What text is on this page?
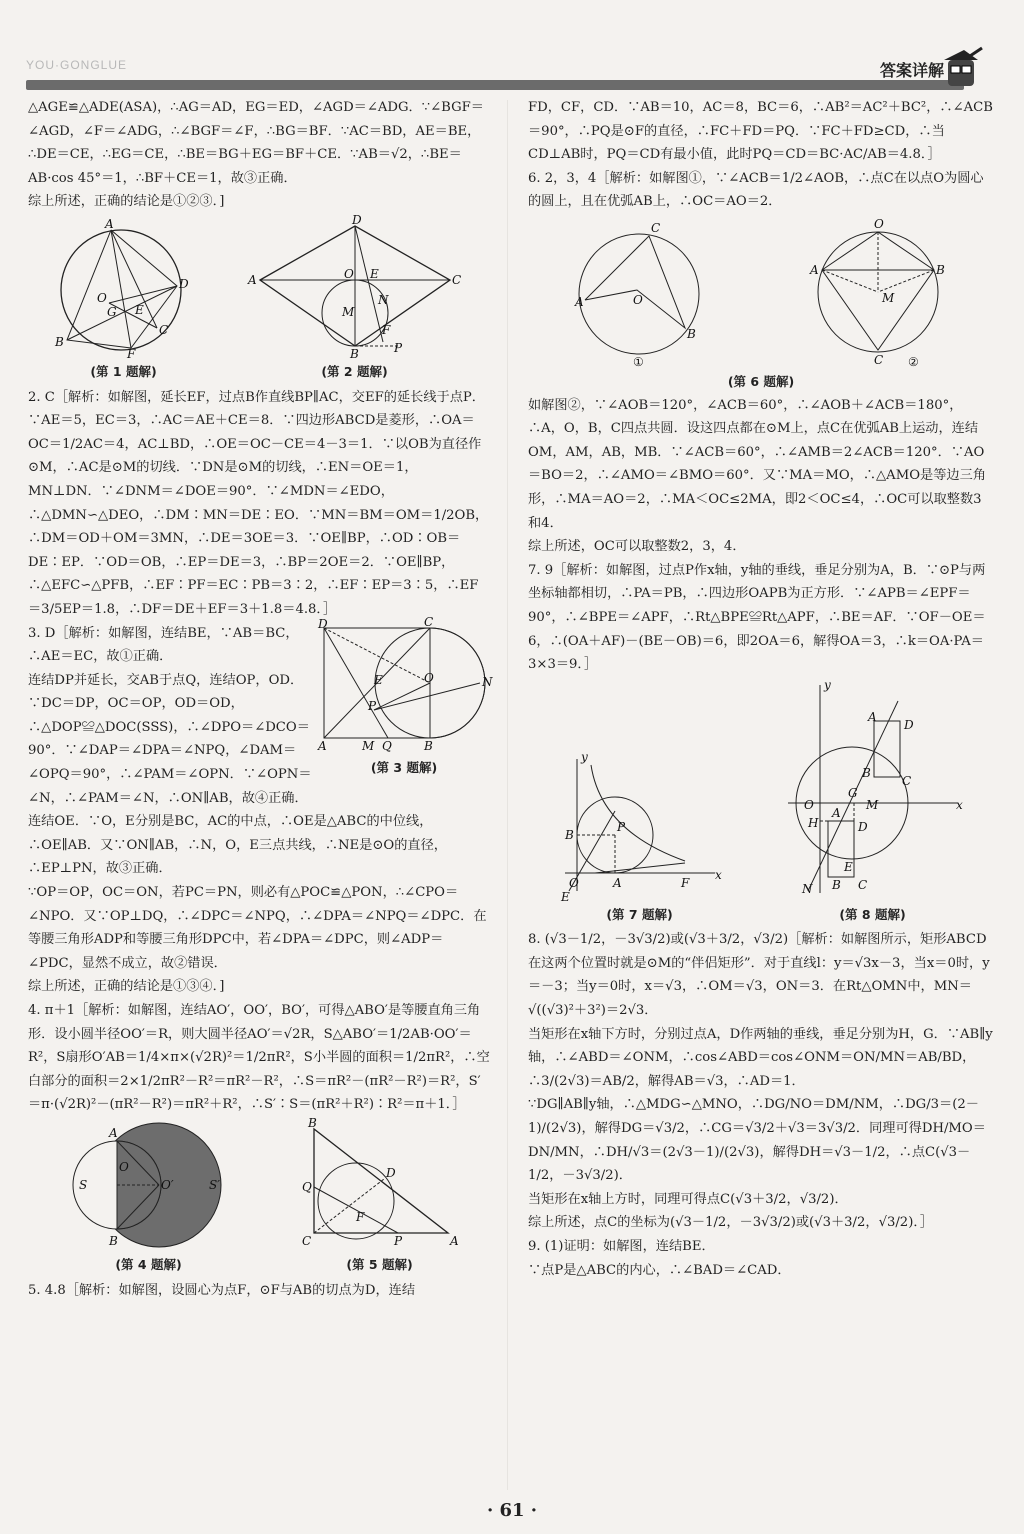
YOU·GONGLUE	答案详解

△AGE≌△ADE(ASA)，∴AG＝AD，EG＝ED，∠AGD＝∠ADG．∵∠BGF＝∠AGD，∠F＝∠ADG，∴∠BGF＝∠F，∴BG＝BF．∵AC＝BD，AE＝BE，∴DE＝CE，∴EG＝CE，∴BE＝BG＋EG＝BF＋CE．∵AB＝√2，∴BE＝AB·cos 45°＝1，∴BF＋CE＝1，故③正确．

综上所述，正确的结论是①②③．]

A
B
C
D
F
O
G E
(第 1 题解)
A
D
C
B
O E
M
N
F
P
(第 2 题解)

2. C［解析：如解图，延长EF，过点B作直线BP∥AC，交EF的延长线于点P．∵AE＝5，EC＝3，∴AC＝AE＋CE＝8．∵四边形ABCD是菱形，∴OA＝OC＝1/2AC＝4，AC⊥BD，∴OE＝OC－CE＝4－3＝1．∵以OB为直径作⊙M，∴AC是⊙M的切线．∵DN是⊙M的切线，∴EN＝OE＝1，MN⊥DN．∵∠DNM＝∠DOE＝90°．∵∠MDN＝∠EDO，∴△DMN∽△DEO，∴DM∶MN＝DE∶EO．∵MN＝BM＝OM＝1/2OB，∴DM＝OD＋OM＝3MN，∴DE＝3OE＝3．∵OE∥BP，∴OD∶OB＝DE∶EP．∵OD＝OB，∴EP＝DE＝3，∴BP＝2OE＝2．∵OE∥BP，∴△EFC∽△PFB，∴EF∶PF＝EC∶PB＝3∶2，∴EF∶EP＝3∶5，∴EF＝3/5EP＝1.8，∴DF＝DE＋EF＝3＋1.8＝4.8．］

3. D［解析：如解图，连结BE，∵AB＝BC，∴AE＝EC，故①正确．

连结DP并延长，交AB于点Q，连结OP，OD．∵DC＝DP，OC＝OP，OD＝OD，∴△DOP≌△DOC(SSS)，∴∠DPO＝∠DCO＝90°．∵∠DAP＝∠DPA＝∠NPQ，∠DAM＝∠OPQ＝90°，∴∠PAM＝∠OPN．∵∠OPN＝∠N，∴∠PAM＝∠N，∴ON∥AB，故④正确．

D	C
N
O
E
P
A	M Q	B
(第 3 题解)

连结OE．∵O，E分别是BC，AC的中点，∴OE是△ABC的中位线，∴OE∥AB．又∵ON∥AB，∴N，O，E三点共线，∴NE是⊙O的直径，∴EP⊥PN，故③正确．

∵OP＝OP，OC＝ON，若PC＝PN，则必有△POC≌△PON，∴∠CPO＝∠NPO．又∵OP⊥DQ，∴∠DPC＝∠NPQ，∴∠DPA＝∠NPQ＝∠DPC．在等腰三角形ADP和等腰三角形DPC中，若∠DPA＝∠DPC，则∠ADP＝∠PDC，显然不成立，故②错误．

综上所述，正确的结论是①③④．]

4. π＋1［解析：如解图，连结AO′，OO′，BO′，可得△ABO′是等腰直角三角形．设小圆半径OO′＝R，则大圆半径AO′＝√2R，S△ABO′＝1/2AB·OO′＝R²，S扇形O′AB＝1/4×π×(√2R)²＝1/2πR²，S小半圆的面积＝1/2πR²，∴空白部分的面积＝2×1/2πR²－R²＝πR²－R²，∴S＝πR²－(πR²－R²)＝R²，S′＝π·(√2R)²－(πR²－R²)＝πR²＋R²，∴S′∶S＝(πR²＋R²)∶R²＝π＋1．］

A
B
O
O′
S	S′
(第 4 题解)
B
Q
C	A
D
F
P
(第 5 题解)

5. 4.8［解析：如解图，设圆心为点F，⊙F与AB的切点为D，连结

FD，CF，CD．∵AB＝10，AC＝8，BC＝6，∴AB²＝AC²＋BC²，∴∠ACB＝90°，∴PQ是⊙F的直径，∴FC＋FD＝PQ．∵FC＋FD≥CD，∴当CD⊥AB时，PQ＝CD有最小值，此时PQ＝CD＝BC·AC/AB＝4.8．］

6. 2，3，4［解析：如解图①，∵∠ACB＝1/2∠AOB，∴点C在以点O为圆心的圆上，且在优弧AB上，∴OC＝AO＝2．

C
A
B
O
①
O
A	B
M
C ②
(第 6 题解)

如解图②，∵∠AOB＝120°，∠ACB＝60°，∴∠AOB＋∠ACB＝180°，∴A，O，B，C四点共圆．设这四点都在⊙M上，点C在优弧AB上运动，连结OM，AM，AB，MB．∵∠ACB＝60°，∴∠AMB＝2∠ACB＝120°．∵AO＝BO＝2，∴∠AMO＝∠BMO＝60°．又∵MA＝MO，∴△AMO是等边三角形，∴MA＝AO＝2，∴MA＜OC≤2MA，即2＜OC≤4，∴OC可以取整数3和4．

综上所述，OC可以取整数2，3，4．

7. 9［解析：如解图，过点P作x轴，y轴的垂线，垂足分别为A，B．∵⊙P与两坐标轴都相切，∴PA＝PB，∴四边形OAPB为正方形．∵∠APB＝∠EPF＝90°，∴∠BPE＝∠APF，∴Rt△BPE≌Rt△APF，∴BE＝AF．∵OF－OE＝6，∴(OA＋AF)－(BE－OB)＝6，即2OA＝6，解得OA＝3，∴k＝OA·PA＝3×3＝9．］

y
x
B
P
A
O
E
F
(第 7 题解)
y
x
O
A
D
C
B
G
M
H
A
D
E
C
B
N
(第 8 题解)

8. (√3－1/2，－3√3/2)或(√3＋3/2，√3/2)［解析：如解图所示，矩形ABCD在这两个位置时就是⊙M的“伴侣矩形”．对于直线l：y＝√3x－3，当x＝0时，y＝－3；当y＝0时，x＝√3，∴OM＝√3，ON＝3．在Rt△OMN中，MN＝√((√3)²＋3²)＝2√3．

当矩形在x轴下方时，分别过点A，D作两轴的垂线，垂足分别为H，G．∵AB∥y轴，∴∠ABD＝∠ONM，∴cos∠ABD＝cos∠ONM＝ON/MN＝AB/BD，∴3/(2√3)＝AB/2，解得AB＝√3，∴AD＝1．

∵DG∥AB∥y轴，∴△MDG∽△MNO，∴DG/NO＝DM/NM，∴DG/3＝(2－1)/(2√3)，解得DG＝√3/2，∴CG＝√3/2＋√3＝3√3/2．同理可得DH/MO＝DN/MN，∴DH/√3＝(2√3－1)/(2√3)，解得DH＝√3－1/2，∴点C(√3－1/2，－3√3/2)．

当矩形在x轴上方时，同理可得点C(√3＋3/2，√3/2)．

综上所述，点C的坐标为(√3－1/2，－3√3/2)或(√3＋3/2，√3/2)．］

9. (1)证明：如解图，连结BE．

∵点P是△ABC的内心，∴∠BAD＝∠CAD．

· 61 ·
